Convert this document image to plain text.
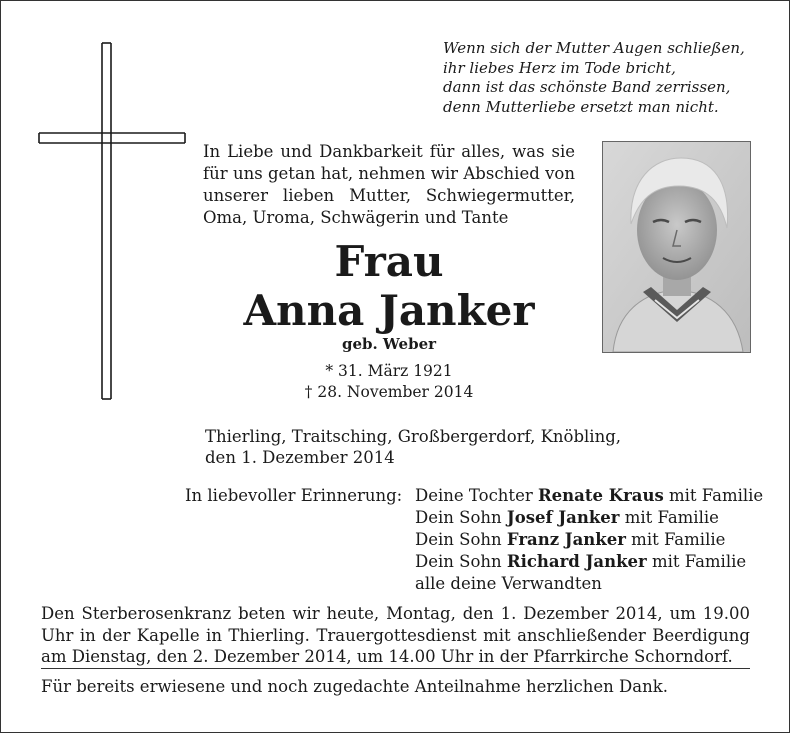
Wenn sich der Mutter Augen schließen,
ihr liebes Herz im Tode bricht,
dann ist das schönste Band zerrissen,
denn Mutterliebe ersetzt man nicht.
In Liebe und Dankbarkeit für alles, was sie für uns getan hat, nehmen wir Abschied von unserer lieben Mutter, Schwiegermutter, Oma, Uroma, Schwägerin und Tante
Frau
Anna Janker
geb. Weber
* 31. März 1921
† 28. November 2014
Thierling, Traitsching, Großbergerdorf, Knöbling,
den 1. Dezember 2014
In liebevoller Erinnerung: Deine Tochter Renate Kraus mit Familie
Dein Sohn Josef Janker mit Familie
Dein Sohn Franz Janker mit Familie
Dein Sohn Richard Janker mit Familie
alle deine Verwandten
Den Sterberosenkranz beten wir heute, Montag, den 1. Dezember 2014, um 19.00 Uhr in der Kapelle in Thierling. Trauergottesdienst mit anschließender Beerdigung am Dienstag, den 2. Dezember 2014, um 14.00 Uhr in der Pfarrkirche Schorndorf.
Für bereits erwiesene und noch zugedachte Anteilnahme herzlichen Dank.
